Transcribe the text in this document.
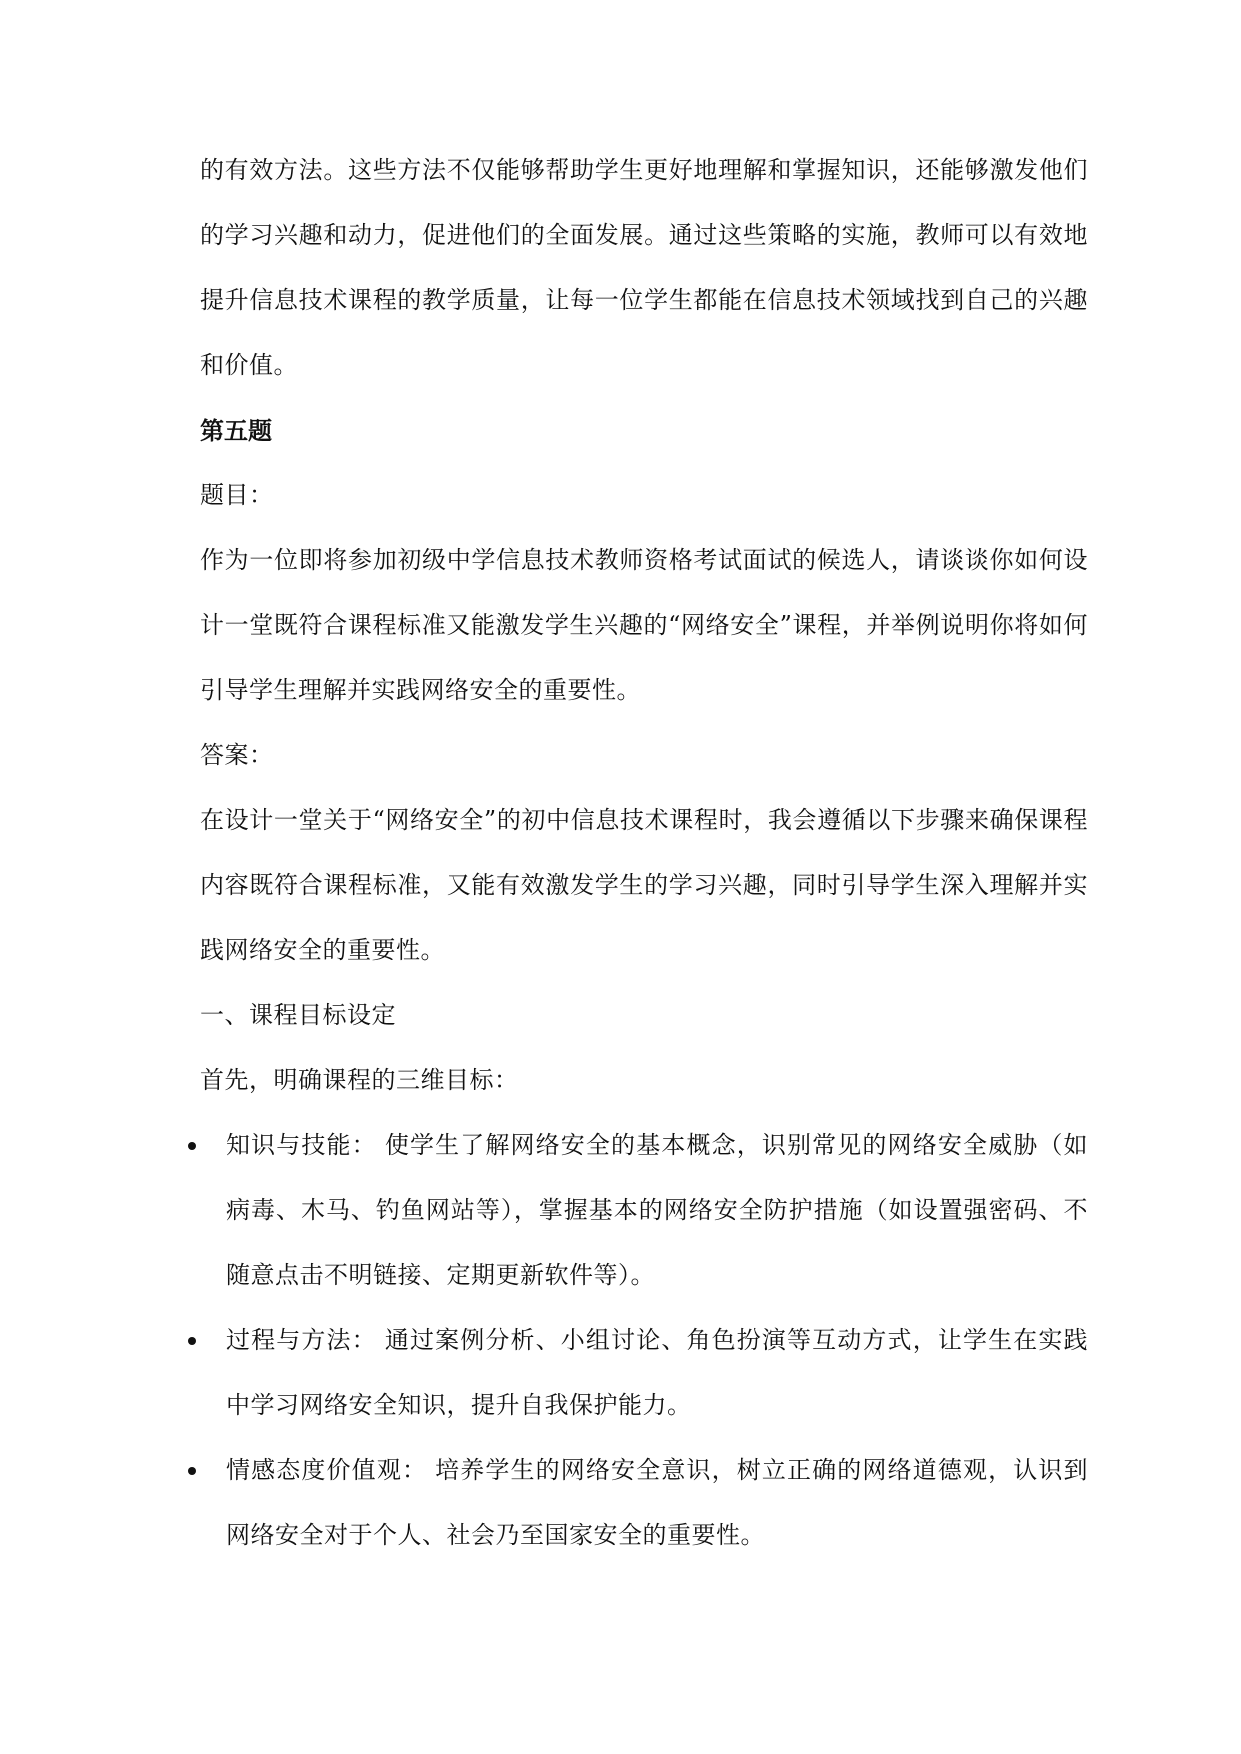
的有效方法。这些方法不仅能够帮助学生更好地理解和掌握知识，还能够激发他们的学习兴趣和动力，促进他们的全面发展。通过这些策略的实施，教师可以有效地提升信息技术课程的教学质量，让每一位学生都能在信息技术领域找到自己的兴趣和价值。

第五题

题目：

作为一位即将参加初级中学信息技术教师资格考试面试的候选人，请谈谈你如何设计一堂既符合课程标准又能激发学生兴趣的“网络安全”课程，并举例说明你将如何引导学生理解并实践网络安全的重要性。

答案：

在设计一堂关于“网络安全”的初中信息技术课程时，我会遵循以下步骤来确保课程内容既符合课程标准，又能有效激发学生的学习兴趣，同时引导学生深入理解并实践网络安全的重要性。

一、课程目标设定

首先，明确课程的三维目标：

知识与技能： 使学生了解网络安全的基本概念，识别常见的网络安全威胁（如病毒、木马、钓鱼网站等），掌握基本的网络安全防护措施（如设置强密码、不随意点击不明链接、定期更新软件等）。
过程与方法： 通过案例分析、小组讨论、角色扮演等互动方式，让学生在实践中学习网络安全知识，提升自我保护能力。
情感态度价值观： 培养学生的网络安全意识，树立正确的网络道德观，认识到网络安全对于个人、社会乃至国家安全的重要性。
